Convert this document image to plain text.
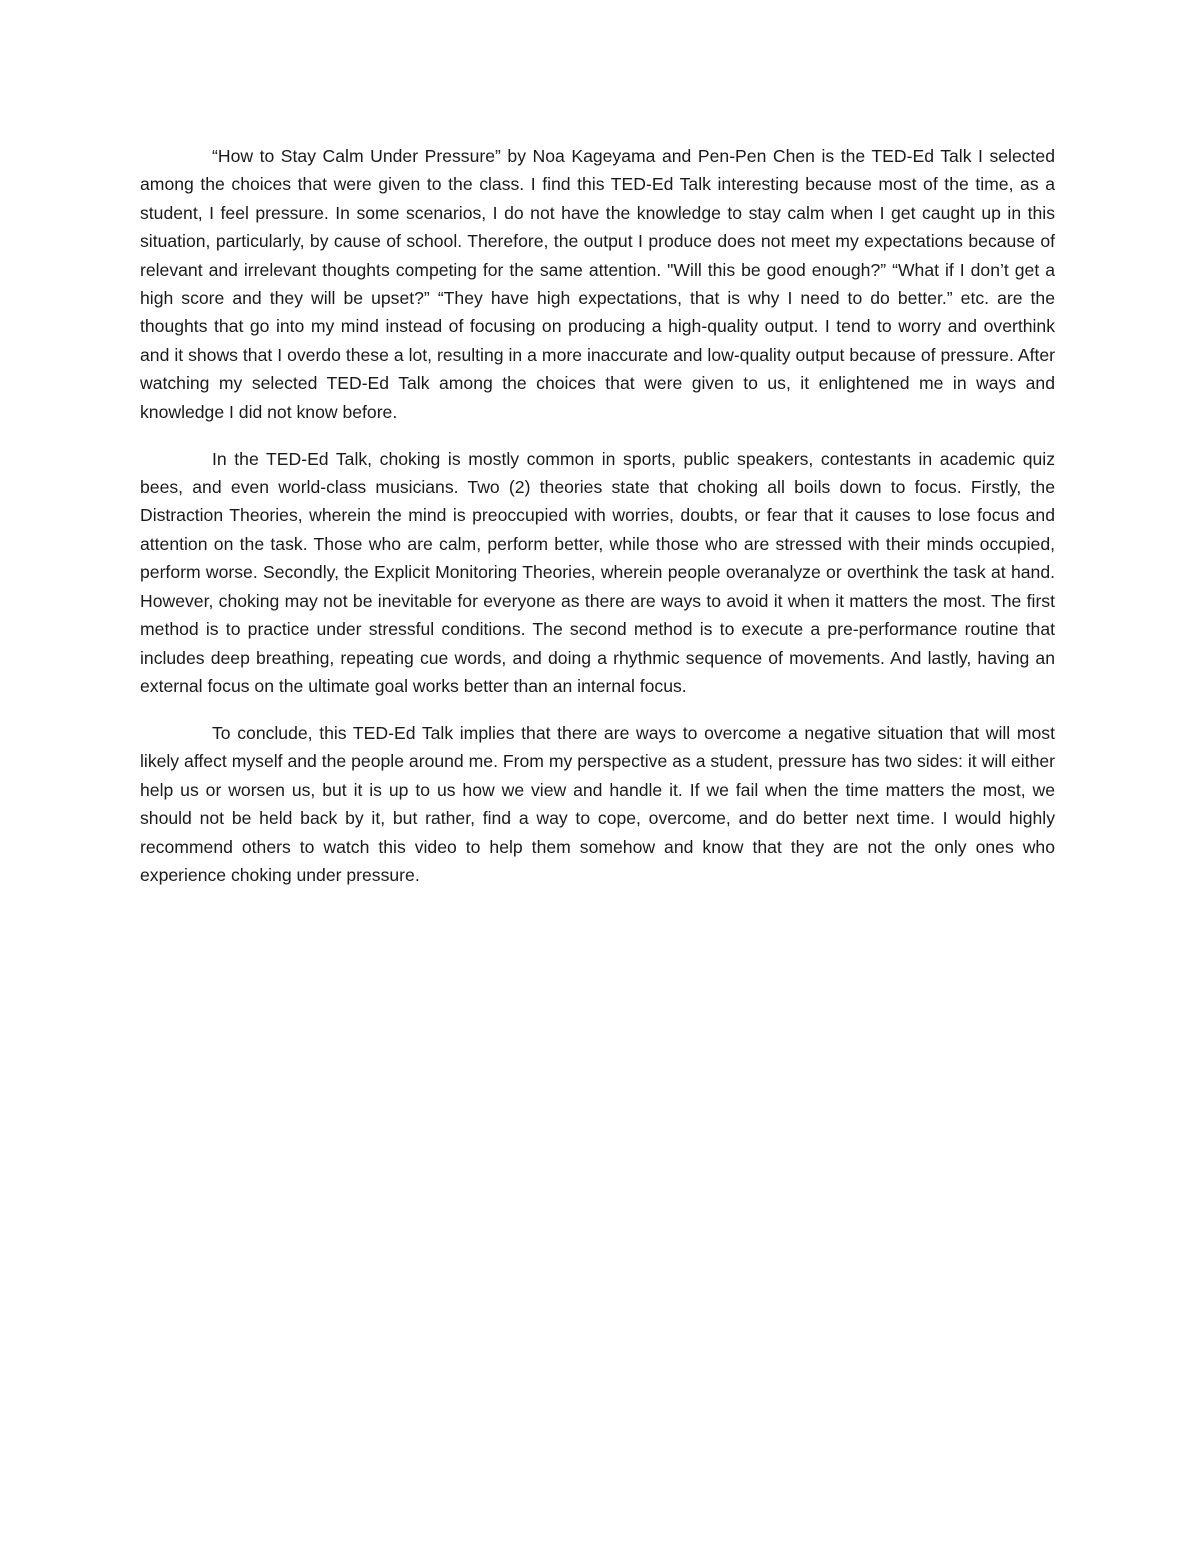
“How to Stay Calm Under Pressure” by Noa Kageyama and Pen-Pen Chen is the TED-Ed Talk I selected among the choices that were given to the class. I find this TED-Ed Talk interesting because most of the time, as a student, I feel pressure. In some scenarios, I do not have the knowledge to stay calm when I get caught up in this situation, particularly, by cause of school. Therefore, the output I produce does not meet my expectations because of relevant and irrelevant thoughts competing for the same attention. "Will this be good enough?” “What if I don’t get a high score and they will be upset?” “They have high expectations, that is why I need to do better.” etc. are the thoughts that go into my mind instead of focusing on producing a high-quality output. I tend to worry and overthink and it shows that I overdo these a lot, resulting in a more inaccurate and low-quality output because of pressure. After watching my selected TED-Ed Talk among the choices that were given to us, it enlightened me in ways and knowledge I did not know before.

In the TED-Ed Talk, choking is mostly common in sports, public speakers, contestants in academic quiz bees, and even world-class musicians. Two (2) theories state that choking all boils down to focus. Firstly, the Distraction Theories, wherein the mind is preoccupied with worries, doubts, or fear that it causes to lose focus and attention on the task. Those who are calm, perform better, while those who are stressed with their minds occupied, perform worse. Secondly, the Explicit Monitoring Theories, wherein people overanalyze or overthink the task at hand. However, choking may not be inevitable for everyone as there are ways to avoid it when it matters the most. The first method is to practice under stressful conditions. The second method is to execute a pre-performance routine that includes deep breathing, repeating cue words, and doing a rhythmic sequence of movements. And lastly, having an external focus on the ultimate goal works better than an internal focus.

To conclude, this TED-Ed Talk implies that there are ways to overcome a negative situation that will most likely affect myself and the people around me. From my perspective as a student, pressure has two sides: it will either help us or worsen us, but it is up to us how we view and handle it. If we fail when the time matters the most, we should not be held back by it, but rather, find a way to cope, overcome, and do better next time. I would highly recommend others to watch this video to help them somehow and know that they are not the only ones who experience choking under pressure.
